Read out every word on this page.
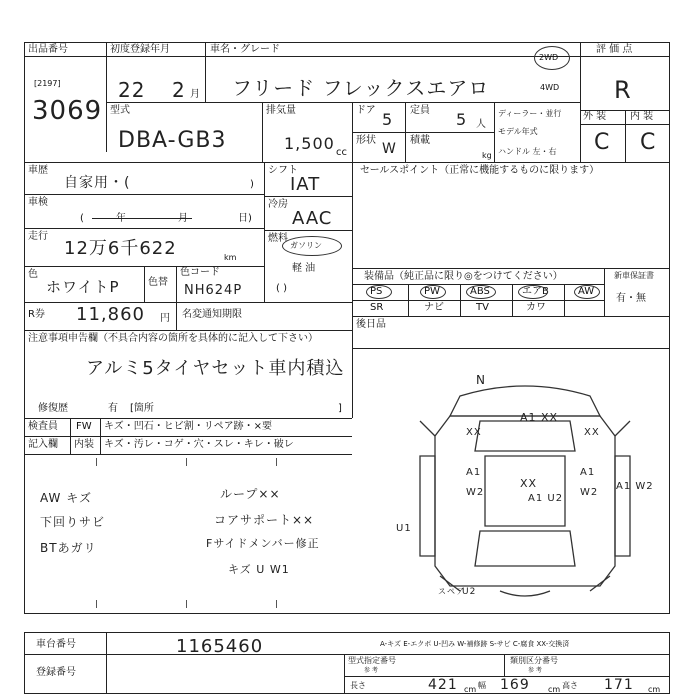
出品番号
[2197]
3069
初度登録年月
22 2 月
車名・グレード
フリード フレックスエアロ
2WD
4WD
評 価 点
R
外 装 内 装
C C
型式
DBA-GB3
排気量
1,500 cc
ドア 5 定員 5 人
形状
W
積載
kg
ディーラー・並行
モデル年式
ハンドル 左・右
車歴
自家用・(	)
車検
(	年	月	日)
走行
12万6千622	km
色
ホワイトP	色替
色コード
NH624P
R券 11,860 円 名変通知期限
シフト
IAT
冷房
AAC
燃料
ガソリン
軽 油
( )
セールスポイント（正常に機能するものに限ります）
装備品（純正品に限り◎をつけてください）	新車保証書
有・無
PS	PW	ABS	エアB	AW
SR	ナビ	TV	カワ
後日品
注意事項申告欄（不具合内容の箇所を具体的に記入して下さい）
アルミ5タイヤセット車内積込
修復歴	有 [箇所	]
検査員
記入欄
FW キズ・凹石・ヒビ割・リペア跡・×要
内装 キズ・汚レ・コゲ・穴・スレ・キレ・破レ
AW キズ
下回りサビ
BTあガリ
ループ××
コアサポート××
Fサイドメンバー修正
キズ U W1
N
A1 XX
XX
A1 U2
XX	XX
A1	A1
W2	W2
A1 W2
U1
スペア
U2
車台番号	1165460
登録番号
A-キズ E-エクボ U-凹み W-補修跡 S-サビ C-腐食 XX-交換済
型式指定番号
参 考
類別区分番号
参 考
長さ	421 cm 幅 169 cm 高さ 171 cm
